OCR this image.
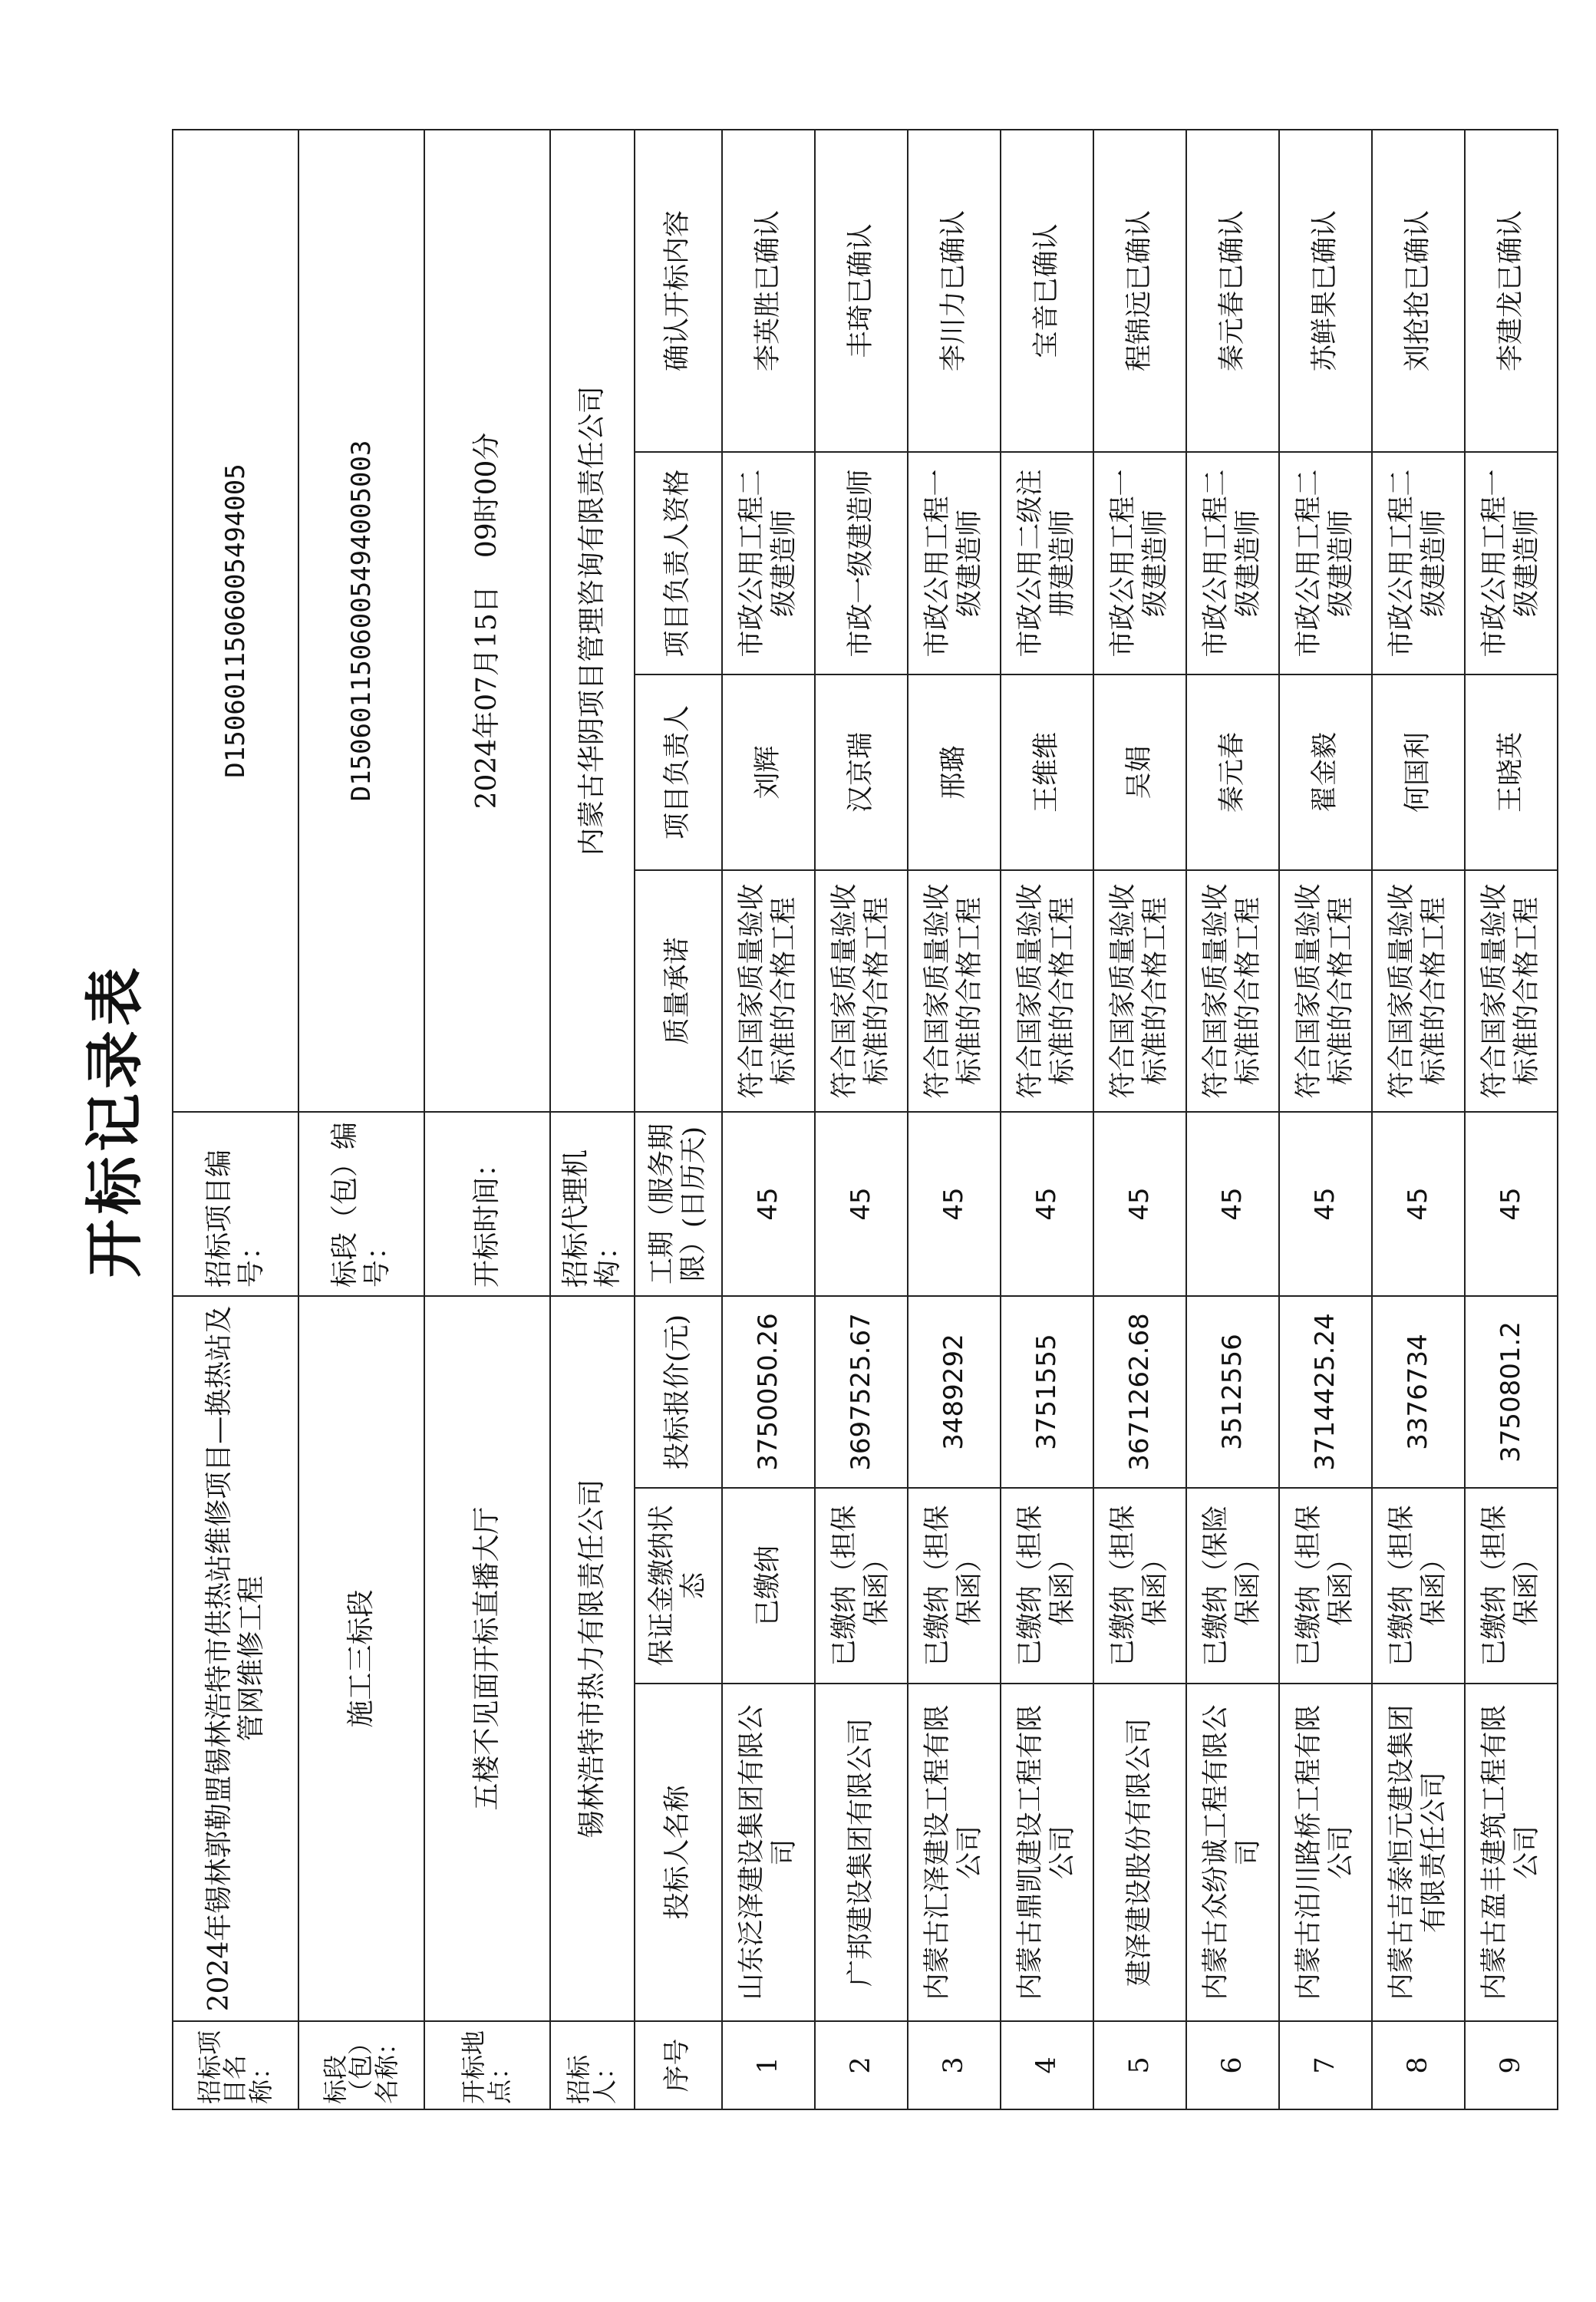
开标记录表
招标项目名称：	2024年锡林郭勒盟锡林浩特市供热站维修项目—换热站及管网维修工程			招标项目编号：	D1506011506005494005			
标段（包）名称：	施工三标段			标段（包）编号：	D1506011506005494005003			
开标地点：	五楼不见面开标直播大厅			开标时间：	2024年07月15日　09时00分			
招标人：	锡林浩特市热力有限责任公司			招标代理机构：	内蒙古华阴项目管理咨询有限责任公司			
序号	投标人名称	保证金缴纳状态	投标报价(元)	工期（服务期限）(日历天)	质量承诺	项目负责人	项目负责人资格	确认开标内容
1	山东泛泽建设集团有限公司	已缴纳	3750050.26	45	符合国家质量验收标准的合格工程	刘辉	市政公用工程二级建造师	李英胜已确认
2	广邦建设集团有限公司	已缴纳（担保保函）	3697525.67	45	符合国家质量验收标准的合格工程	汉京瑞	市政一级建造师	丰琦已确认
3	内蒙古汇泽建设工程有限公司	已缴纳（担保保函）	3489292	45	符合国家质量验收标准的合格工程	邢璐	市政公用工程一级建造师	李川力已确认
4	内蒙古鼎凯建设工程有限公司	已缴纳（担保保函）	3751555	45	符合国家质量验收标准的合格工程	王维维	市政公用二级注册建造师	宝音已确认
5	建泽建设股份有限公司	已缴纳（担保保函）	3671262.68	45	符合国家质量验收标准的合格工程	吴娟	市政公用工程一级建造师	程锦远已确认
6	内蒙古众纷诚工程有限公司	已缴纳（保险保函）	3512556	45	符合国家质量验收标准的合格工程	秦元春	市政公用工程二级建造师	秦元春已确认
7	内蒙古泊川路桥工程有限公司	已缴纳（担保保函）	3714425.24	45	符合国家质量验收标准的合格工程	翟金毅	市政公用工程二级建造师	苏鲜果已确认
8	内蒙古吉泰恒元建设集团有限责任公司	已缴纳（担保保函）	3376734	45	符合国家质量验收标准的合格工程	何国利	市政公用工程二级建造师	刘抢抢已确认
9	内蒙古盈丰建筑工程有限公司	已缴纳（担保保函）	3750801.2	45	符合国家质量验收标准的合格工程	王晓英	市政公用工程一级建造师	李建龙已确认
